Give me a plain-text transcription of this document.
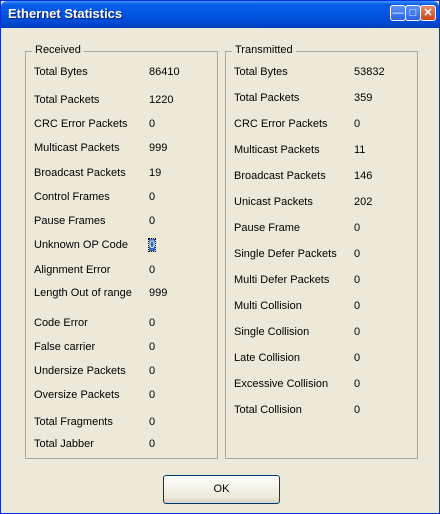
Ethernet Statistics	— □ ✕
Received
Total Bytes	86410
Total Packets	1220
CRC Error Packets 0
Multicast Packets	999
Broadcast Packets 19
Control Frames	0
Pause Frames	0
Unknown OP Code 0
Alignment Error	0
Length Out of range 999
Code Error	0
False carrier	0
Undersize Packets 0
Oversize Packets	0
Total Fragments	0
Total Jabber	0
Transmitted
Total Bytes	53832
Total Packets	359
CRC Error Packets 0
Multicast Packets	11
Broadcast Packets	146
Unicast Packets	202
Pause Frame	0
Single Defer Packets 0
Multi Defer Packets 0
Multi Collision	0
Single Collision	0
Late Collision	0
Excessive Collision 0
Total Collision	0
OK
